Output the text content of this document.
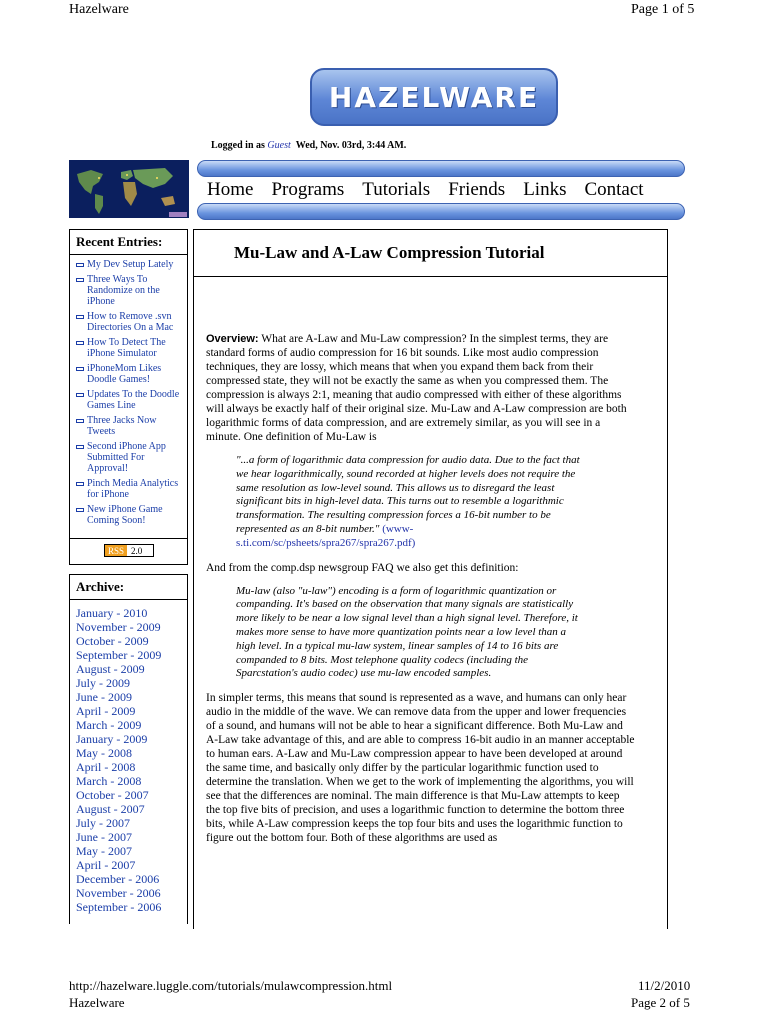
Hazelware	Page 1 of 5
HAZELWARE
Logged in as Guest Wed, Nov. 03rd, 3:44 AM.
Home Programs Tutorials Friends Links Contact
Recent Entries:
My Dev Setup Lately
Three Ways To Randomize on the iPhone
How to Remove .svn Directories On a Mac
How To Detect The iPhone Simulator
iPhoneMom Likes Doodle Games!
Updates To the Doodle Games Line
Three Jacks Now Tweets
Second iPhone App Submitted For Approval!
Pinch Media Analytics for iPhone
New iPhone Game Coming Soon!
RSS 2.0
Archive:
January - 2010
November - 2009
October - 2009
September - 2009
August - 2009
July - 2009
June - 2009
April - 2009
March - 2009
January - 2009
May - 2008
April - 2008
March - 2008
October - 2007
August - 2007
July - 2007
June - 2007
May - 2007
April - 2007
December - 2006
November - 2006
September - 2006
Mu-Law and A-Law Compression Tutorial

Overview: What are A-Law and Mu-Law compression? In the simplest terms, they are standard forms of audio compression for 16 bit sounds. Like most audio compression techniques, they are lossy, which means that when you expand them back from their compressed state, they will not be exactly the same as when you compressed them. The compression is always 2:1, meaning that audio compressed with either of these algorithms will always be exactly half of their original size. Mu-Law and A-Law compression are both logarithmic forms of data compression, and are extremely similar, as you will see in a minute. One definition of Mu-Law is

"...a form of logarithmic data compression for audio data. Due to the fact that we hear logarithmically, sound recorded at higher levels does not require the same resolution as low-level sound. This allows us to disregard the least significant bits in high-level data. This turns out to resemble a logarithmic transformation. The resulting compression forces a 16-bit number to be represented as an 8-bit number." (www-s.ti.com/sc/psheets/spra267/spra267.pdf)

And from the comp.dsp newsgroup FAQ we also get this definition:

Mu-law (also "u-law") encoding is a form of logarithmic quantization or companding. It's based on the observation that many signals are statistically more likely to be near a low signal level than a high signal level. Therefore, it makes more sense to have more quantization points near a low level than a high level. In a typical mu-law system, linear samples of 14 to 16 bits are companded to 8 bits. Most telephone quality codecs (including the Sparcstation's audio codec) use mu-law encoded samples.

In simpler terms, this means that sound is represented as a wave, and humans can only hear audio in the middle of the wave. We can remove data from the upper and lower frequencies of a sound, and humans will not be able to hear a significant difference. Both Mu-Law and A-Law take advantage of this, and are able to compress 16-bit audio in an manner acceptable to human ears. A-Law and Mu-Law compression appear to have been developed at around the same time, and basically only differ by the particular logarithmic function used to determine the translation. When we get to the work of implementing the algorithms, you will see that the differences are nominal. The main difference is that Mu-Law attempts to keep the top five bits of precision, and uses a logarithmic function to determine the bottom three bits, while A-Law compression keeps the top four bits and uses the logarithmic function to figure out the bottom four. Both of these algorithms are used as

http://hazelware.luggle.com/tutorials/mulawcompression.html	11/2/2010
Hazelware	Page 2 of 5
